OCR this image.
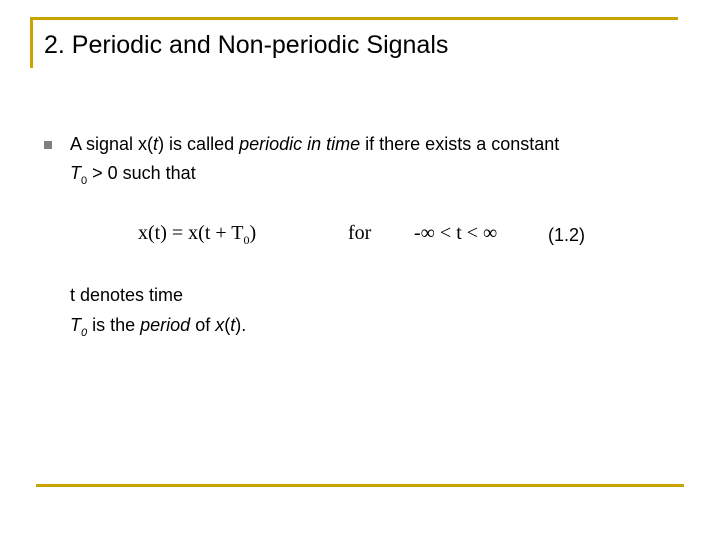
2. Periodic and Non-periodic Signals
A signal x(t) is called periodic in time if there exists a constant
$T_0 > 0$ such that
$x(t) = x(t + T_0)$	for -∞ < t < ∞	(1.2)
t denotes time
$T_0$ is the period of x(t).
